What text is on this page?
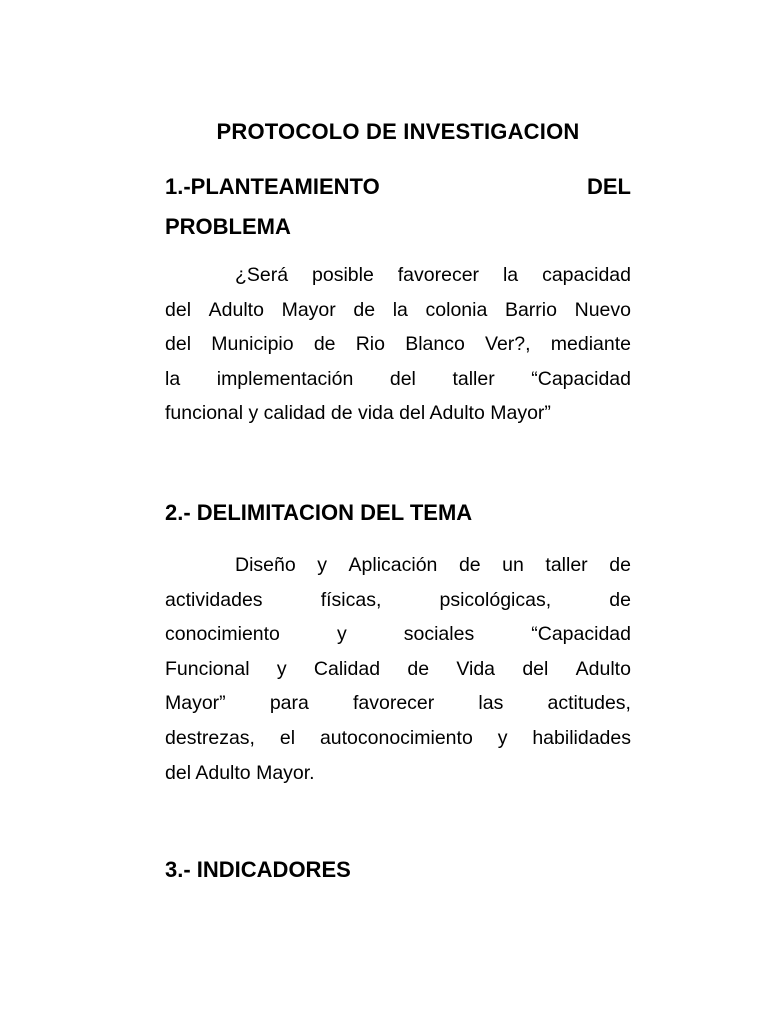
PROTOCOLO DE INVESTIGACION
1.-PLANTEAMIENTO	DEL
PROBLEMA
¿Será posible favorecer la capacidad
del Adulto Mayor de la colonia Barrio Nuevo
del Municipio de Rio Blanco Ver?, mediante
la implementación del taller “Capacidad
funcional y calidad de vida del Adulto Mayor”
2.- DELIMITACION DEL TEMA
Diseño y Aplicación de un taller de
actividades	físicas,	psicológicas,	de
conocimiento	y	sociales	“Capacidad
Funcional y Calidad de Vida del Adulto
Mayor” para favorecer las actitudes,
destrezas, el autoconocimiento y habilidades
del Adulto Mayor.
3.- INDICADORES
